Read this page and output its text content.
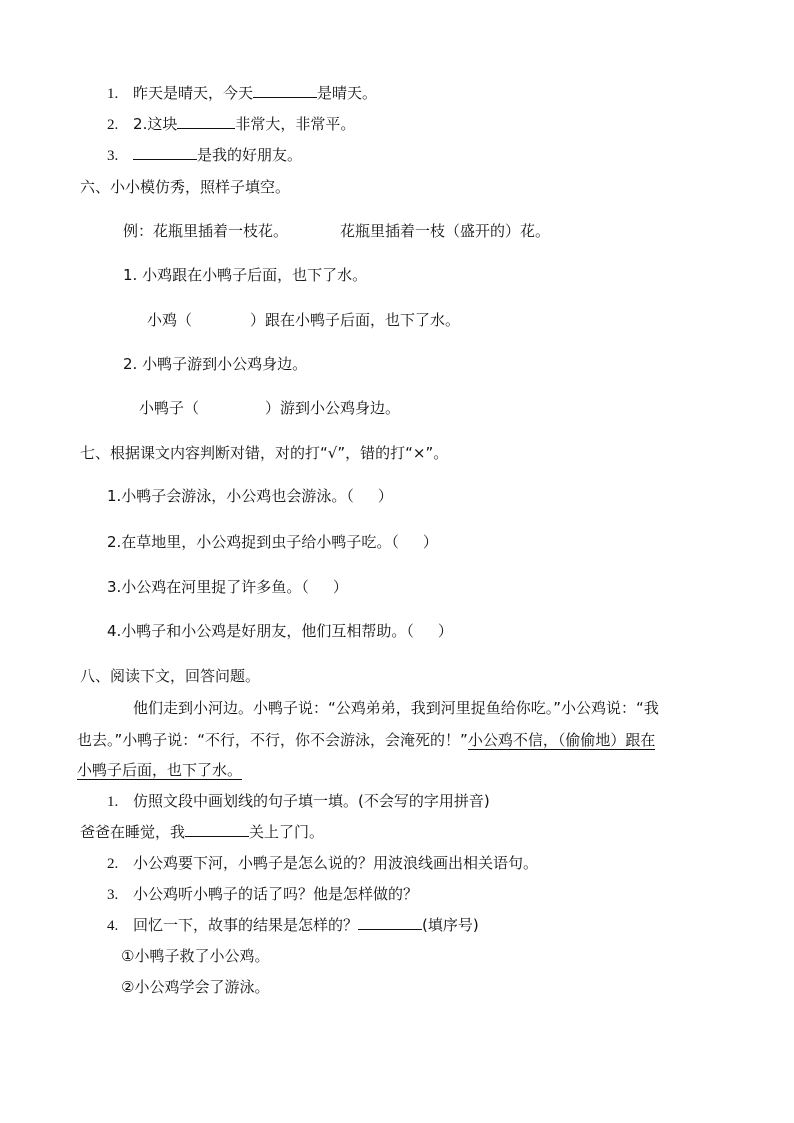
1. 昨天是晴天，今天	是晴天。
2. 2.这块	非常大，非常平。
3.	是我的好朋友。
六、小小模仿秀，照样子填空。
例：花瓶里插着一枝花。	花瓶里插着一枝（盛开的）花。
1. 小鸡跟在小鸭子后面，也下了水。
小鸡（	）跟在小鸭子后面，也下了水。
2. 小鸭子游到小公鸡身边。
小鸭子（	）游到小公鸡身边。
七、根据课文内容判断对错，对的打“√”，错的打“×”。
1.小鸭子会游泳，小公鸡也会游泳。（ ）
2.在草地里，小公鸡捉到虫子给小鸭子吃。（ ）
3.小公鸡在河里捉了许多鱼。（ ）
4.小鸭子和小公鸡是好朋友，他们互相帮助。（ ）
八、阅读下文，回答问题。
他们走到小河边。小鸭子说：“公鸡弟弟，我到河里捉鱼给你吃。”小公鸡说：“我
也去。”小鸭子说：“不行，不行，你不会游泳，会淹死的！”小公鸡不信，（偷偷地）跟在
小鸭子后面，也下了水。
1. 仿照文段中画划线的句子填一填。(不会写的字用拼音)
爸爸在睡觉，我	关上了门。
2. 小公鸡要下河，小鸭子是怎么说的？用波浪线画出相关语句。
3. 小公鸡听小鸭子的话了吗？他是怎样做的？
4. 回忆一下，故事的结果是怎样的？	(填序号)
①小鸭子救了小公鸡。
②小公鸡学会了游泳。
